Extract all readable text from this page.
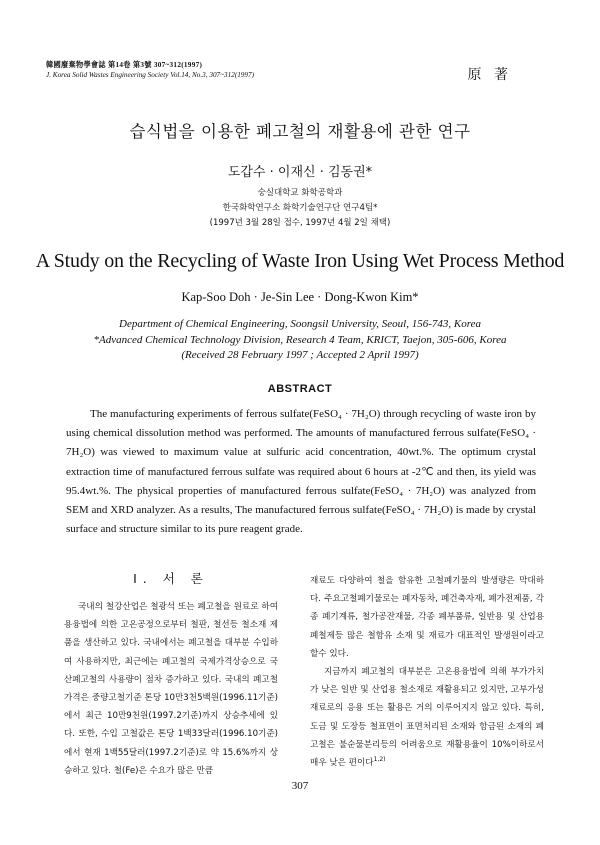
韓國廢棄物學會誌 第14卷 第3號 307~312(1997)
J. Korea Solid Wastes Engineering Society Vol.14, No.3, 307~312(1997)	原 著
습식법을 이용한 폐고철의 재활용에 관한 연구
도갑수 · 이재신 · 김동권*
숭실대학교 화학공학과
한국화학연구소 화학기술연구단 연구4팀*
(1997년 3월 28일 접수, 1997년 4월 2일 채택)
A Study on the Recycling of Waste Iron Using Wet Process Method
Kap-Soo Doh · Je-Sin Lee · Dong-Kwon Kim*
Department of Chemical Engineering, Soongsil University, Seoul, 156-743, Korea
*Advanced Chemical Technology Division, Research 4 Team, KRICT, Taejon, 305-606, Korea
(Received 28 February 1997 ; Accepted 2 April 1997)
ABSTRACT

The manufacturing experiments of ferrous sulfate(FeSO₄ · 7H₂O) through recycling of waste iron by using chemical dissolution method was performed. The amounts of manufactured ferrous sulfate(FeSO₄ · 7H₂O) was viewed to maximum value at sulfuric acid concentration, 40wt.%. The optimum crystal extraction time of manufactured ferrous sulfate was required about 6 hours at -2℃ and then, its yield was 95.4wt.%. The physical properties of manufactured ferrous sulfate(FeSO₄ · 7H₂O) was analyzed from SEM and XRD analyzer. As a results, The manufactured ferrous sulfate(FeSO₄ · 7H₂O) is made by crystal surface and structure similar to its pure reagent grade.

Ⅰ. 서 론

국내의 철강산업은 철광석 또는 폐고철을 원료로 하여 용융법에 의한 고온공정으로부터 철판, 철선등 철소재 제품을 생산하고 있다. 국내에서는 폐고철을 대부분 수입하여 사용하지만, 최근에는 폐고철의 국제가격상승으로 국산폐고철의 사용량이 점차 증가하고 있다. 국내의 폐고철가격은 중량고철기준 톤당 10만3천5백원(1996.11기준)에서 최근 10만9천원(1997.2기준)까지 상승추세에 있다. 또한, 수입 고철값은 톤당 1백33달러(1996.10기준)에서 현재 1백55달러(1997.2기준)로 약 15.6%까지 상승하고 있다. 철(Fe)은 수요가 많은 만큼

재료도 다양하여 철을 함유한 고철폐기물의 발생량은 막대하다. 주요고철폐기물로는 폐자동차, 폐건축자재, 폐가전제품, 각종 폐기계류, 철가공잔재물, 각종 폐부품류, 일반용 및 산업용 폐철제등 많은 철함유 소재 및 재료가 대표적인 발생원이라고 할수 있다.

지금까지 폐고철의 대부분은 고온용융법에 의해 부가가치가 낮은 일반 및 산업용 철소재로 재활용되고 있지만, 고부가성 재료로의 응용 또는 활용은 거의 이루어지지 않고 있다. 특히, 도금 및 도장등 철표면이 표면처리된 소재와 함금된 소재의 폐고철은 불순물분리등의 어려움으로 재활용율이 10%이하로서 매우 낮은 편이다$^{1,2)}$

307
